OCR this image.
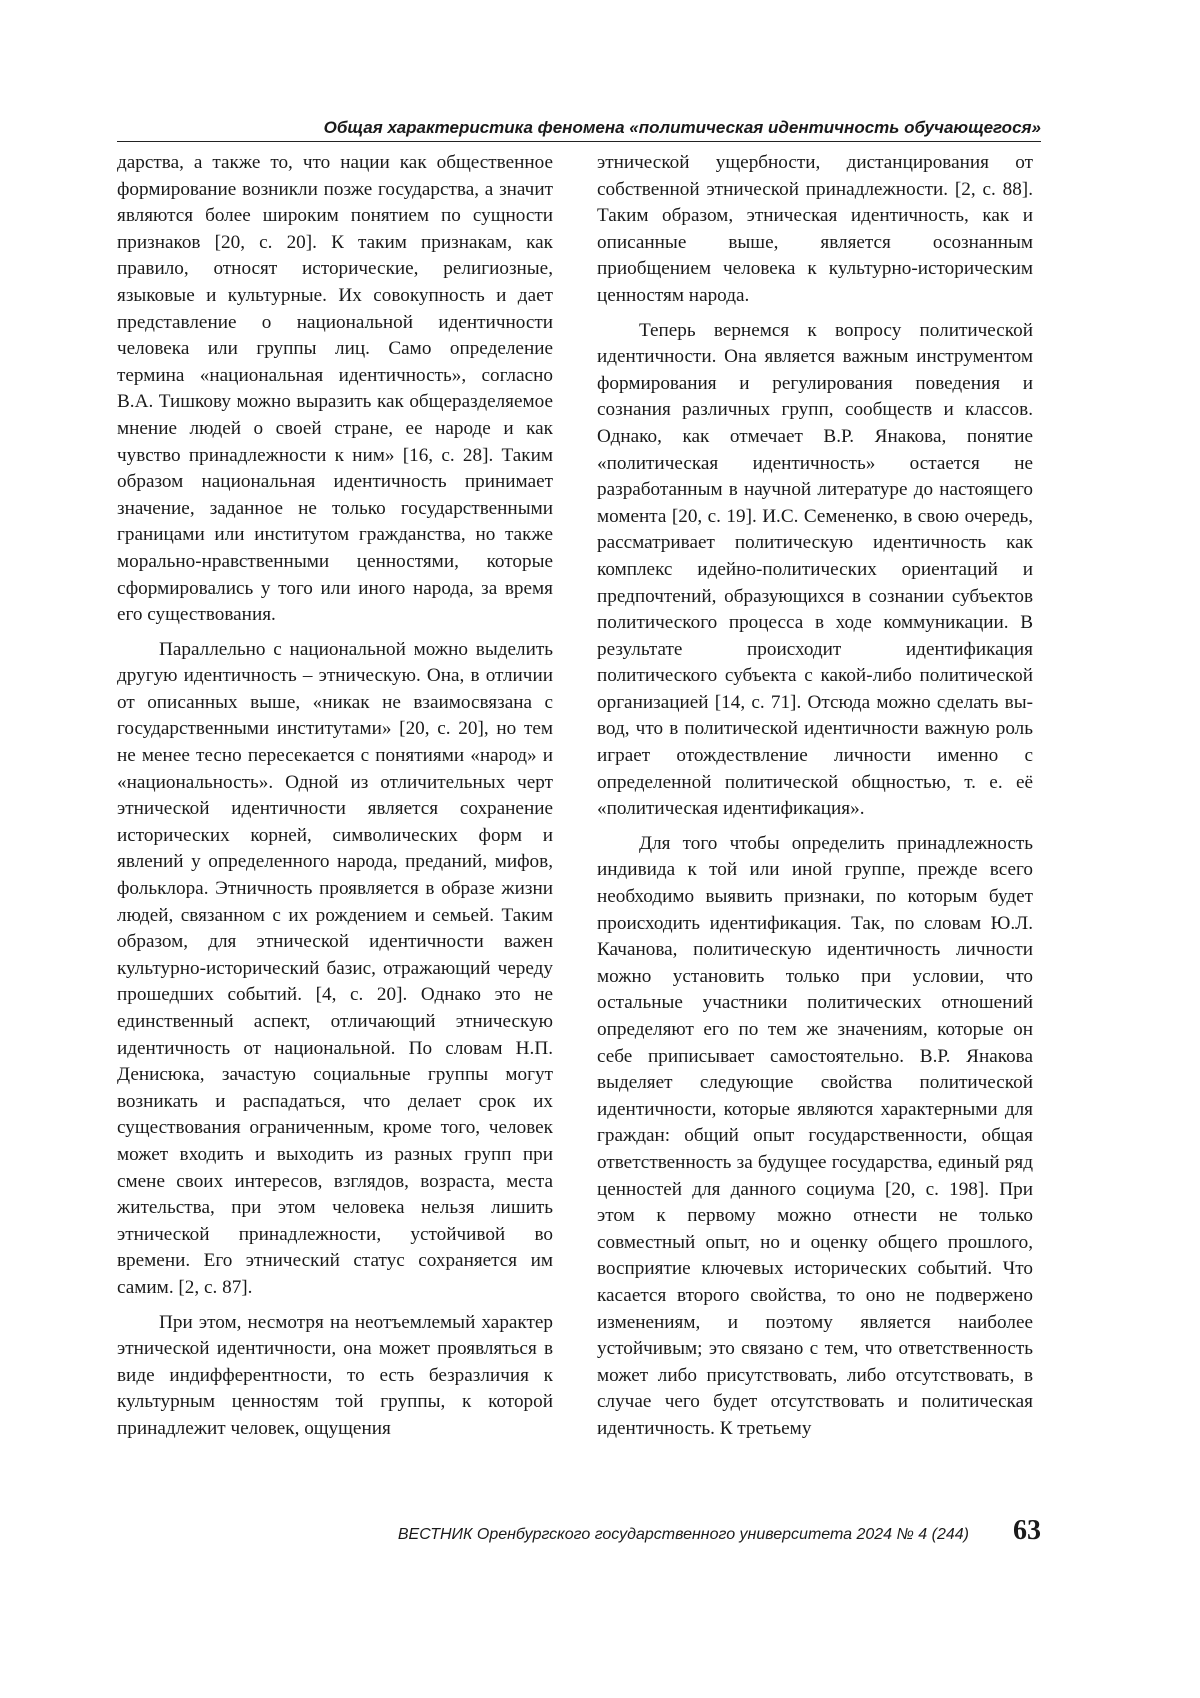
Общая характеристика феномена «политическая идентичность обучающегося»

дарства, а также то, что нации как общественное формирование возникли позже государства, а значит являются более широким понятием по сущности признаков [20, с. 20]. К таким признакам, как правило, относят исторические, религиозные, языковые и культурные. Их совокупность и дает представление о национальной идентичности человека или группы лиц. Само определение термина «национальная идентичность», согласно В.А. Тишкову можно выразить как общеразделяемое мнение людей о своей стране, ее народе и как чувство принадлежности к ним» [16, с. 28]. Таким образом национальная идентичность принимает значение, заданное не только государственными границами или институтом гражданства, но также морально-нравственными ценностями, которые сформировались у того или иного народа, за время его существования.

Параллельно с национальной можно выделить другую идентичность – этническую. Она, в отличии от описанных выше, «никак не взаимосвязана с государственными институтами» [20, с. 20], но тем не менее тесно пересекается с понятиями «народ» и «национальность». Одной из отличительных черт этнической идентичности является сохранение исторических корней, символических форм и явлений у определенного народа, преданий, мифов, фольклора. Этничность проявляется в образе жизни людей, связанном с их рождением и семьей. Таким образом, для этнической идентичности важен культурно-исторический базис, отражающий череду прошедших событий. [4, с. 20]. Однако это не единственный аспект, отличающий этническую идентичность от национальной. По словам Н.П. Денисюка, зачастую социальные группы могут возникать и распадаться, что делает срок их существования ограниченным, кроме того, человек может входить и выходить из разных групп при смене своих интересов, взглядов, возраста, места жительства, при этом человека нельзя лишить этнической принадлежности, устойчивой во времени. Его этнический статус сохраняется им самим. [2, с. 87].

При этом, несмотря на неотъемлемый характер этнической идентичности, она может проявляться в виде индифферентности, то есть безразличия к культурным ценностям той группы, к которой принадлежит человек, ощущения

этнической ущербности, дистанцирования от собственной этнической принадлежности. [2, с. 88]. Таким образом, этническая идентичность, как и описанные выше, является осознанным приобщением человека к культурно-историческим ценностям народа.

Теперь вернемся к вопросу политической идентичности. Она является важным инструментом формирования и регулирования поведения и сознания различных групп, сообществ и классов. Однако, как отмечает В.Р. Янакова, понятие «политическая идентичность» остается не разработанным в научной литературе до настоящего момента [20, с. 19]. И.С. Семененко, в свою очередь, рассматривает политическую идентичность как комплекс идейно-политических ориентаций и предпочтений, образующихся в сознании субъектов политического процесса в ходе коммуникации. В результате происходит идентификация политического субъекта с какой-либо политической организацией [14, с. 71]. Отсюда можно сделать вывод, что в политической идентичности важную роль играет отождествление личности именно с определенной политической общностью, т. е. её «политическая идентификация».

Для того чтобы определить принадлежность индивида к той или иной группе, прежде всего необходимо выявить признаки, по которым будет происходить идентификация. Так, по словам Ю.Л. Качанова, политическую идентичность личности можно установить только при условии, что остальные участники политических отношений определяют его по тем же значениям, которые он себе приписывает самостоятельно. В.Р. Янакова выделяет следующие свойства политической идентичности, которые являются характерными для граждан: общий опыт государственности, общая ответственность за будущее государства, единый ряд ценностей для данного социума [20, с. 198]. При этом к первому можно отнести не только совместный опыт, но и оценку общего прошлого, восприятие ключевых исторических событий. Что касается второго свойства, то оно не подвержено изменениям, и поэтому является наиболее устойчивым; это связано с тем, что ответственность может либо присутствовать, либо отсутствовать, в случае чего будет отсутствовать и политическая идентичность. К третьему

ВЕСТНИК Оренбургского государственного университета 2024 № 4 (244) 63
